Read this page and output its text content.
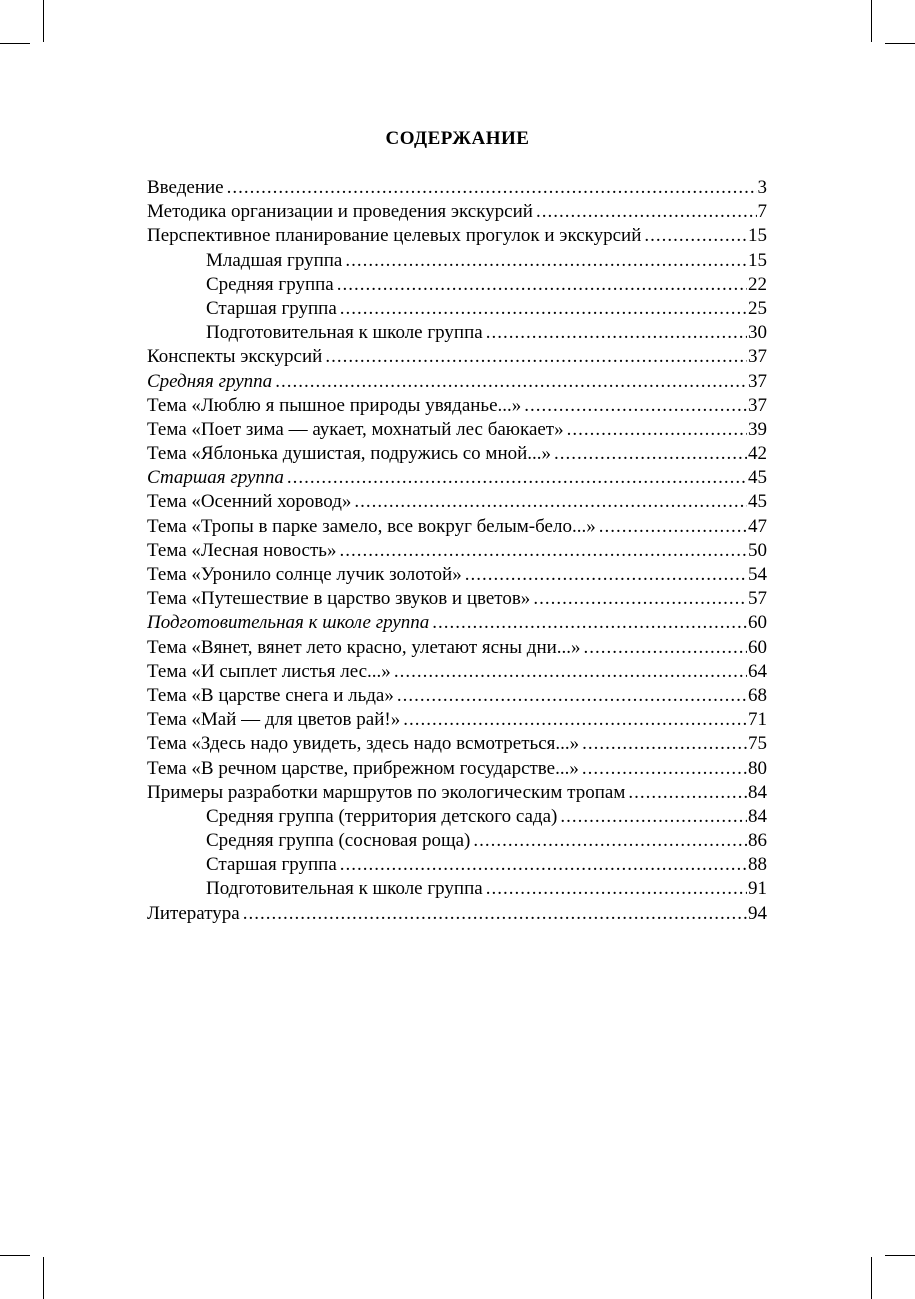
СОДЕРЖАНИЕ
Введение .....	3
Методика организации и проведения экскурсий .....	7
Перспективное планирование целевых прогулок и экскурсий .....	15
Младшая группа .....	15
Средняя группа .....	22
Старшая группа .....	25
Подготовительная к школе группа .....	30
Конспекты экскурсий .....	37
Средняя группа .....	37
Тема «Люблю я пышное природы увяданье...» .....	37
Тема «Поет зима — аукает, мохнатый лес баюкает» .....	39
Тема «Яблонька душистая, подружись со мной...» .....	42
Старшая группа .....	45
Тема «Осенний хоровод» .....	45
Тема «Тропы в парке замело, все вокруг белым-бело...» .....	47
Тема «Лесная новость» .....	50
Тема «Уронило солнце лучик золотой» .....	54
Тема «Путешествие в царство звуков и цветов» .....	57
Подготовительная к школе группа .....	60
Тема «Вянет, вянет лето красно, улетают ясны дни...» .....	60
Тема «И сыплет листья лес...» .....	64
Тема «В царстве снега и льда» .....	68
Тема «Май — для цветов рай!» .....	71
Тема «Здесь надо увидеть, здесь надо всмотреться...» .....	75
Тема «В речном царстве, прибрежном государстве...» .....	80
Примеры разработки маршрутов по экологическим тропам .....	84
Средняя группа (территория детского сада) .....	84
Средняя группа (сосновая роща) .....	86
Старшая группа .....	88
Подготовительная к школе группа .....	91
Литература .....	94
